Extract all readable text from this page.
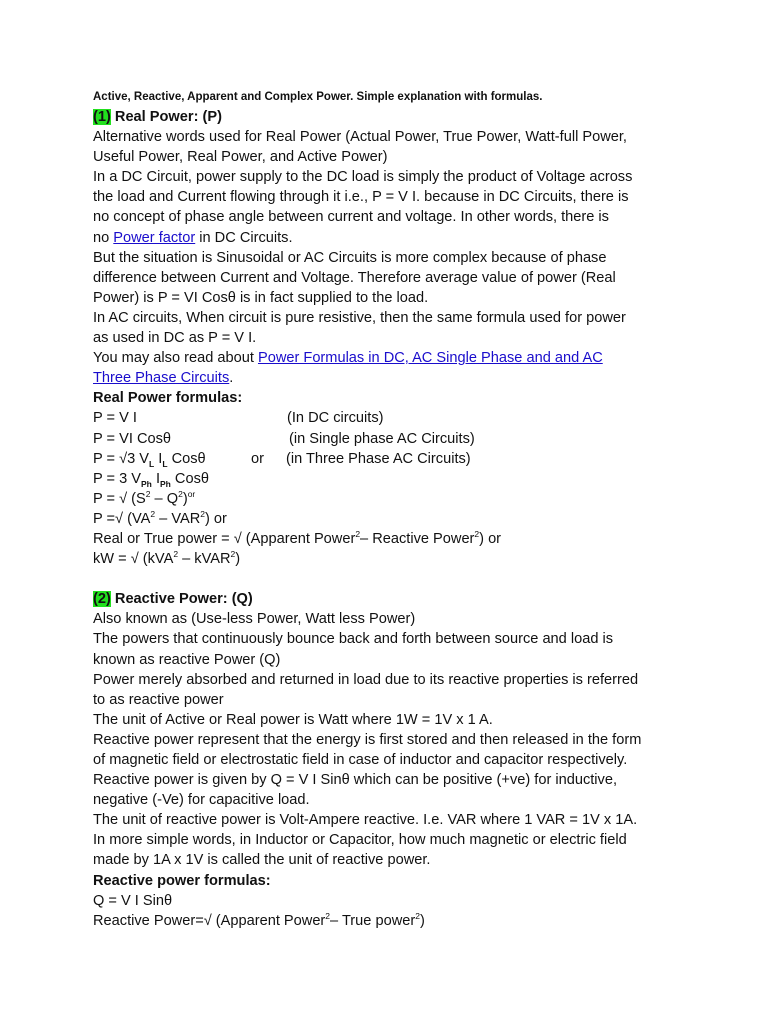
Active, Reactive, Apparent and Complex Power. Simple explanation with formulas.
(1) Real Power: (P)
Alternative words used for Real Power (Actual Power, True Power, Watt-full Power,
Useful Power, Real Power, and Active Power)
In a DC Circuit, power supply to the DC load is simply the product of Voltage across
the load and Current flowing through it i.e., P = V I. because in DC Circuits, there is
no concept of phase angle between current and voltage. In other words, there is
no Power factor in DC Circuits.
But the situation is Sinusoidal or AC Circuits is more complex because of phase
difference between Current and Voltage. Therefore average value of power (Real
Power) is P = VI Cosθ is in fact supplied to the load.
In AC circuits, When circuit is pure resistive, then the same formula used for power
as used in DC as P = V I.
You may also read about Power Formulas in DC, AC Single Phase and and AC
Three Phase Circuits.
Real Power formulas:
P = V I	(In DC circuits)
P = VI Cosθ	(in Single phase AC Circuits)
P = √3 $V_L$ $I_L$ Cosθ	or (in Three Phase AC Circuits)
P = 3 $V_{Ph}$ $I_{Ph}$ Cosθ
P = √ $(S^2 - Q^2)^{or}$
P =√ $(VA^2 - VAR^2)$ or
Real or True power = √ (Apparent Power$^2$– Reactive Power$^2$) or
kW = √ (kVA$^2$ – kVAR$^2$)
(2) Reactive Power: (Q)
Also known as (Use-less Power, Watt less Power)
The powers that continuously bounce back and forth between source and load is
known as reactive Power (Q)
Power merely absorbed and returned in load due to its reactive properties is referred
to as reactive power
The unit of Active or Real power is Watt where 1W = 1V x 1 A.
Reactive power represent that the energy is first stored and then released in the form
of magnetic field or electrostatic field in case of inductor and capacitor respectively.
Reactive power is given by Q = V I Sinθ which can be positive (+ve) for inductive,
negative (-Ve) for capacitive load.
The unit of reactive power is Volt-Ampere reactive. I.e. VAR where 1 VAR = 1V x 1A.
In more simple words, in Inductor or Capacitor, how much magnetic or electric field
made by 1A x 1V is called the unit of reactive power.
Reactive power formulas:
Q = V I Sinθ
Reactive Power=√ (Apparent Power$^2$– True power$^2$)
